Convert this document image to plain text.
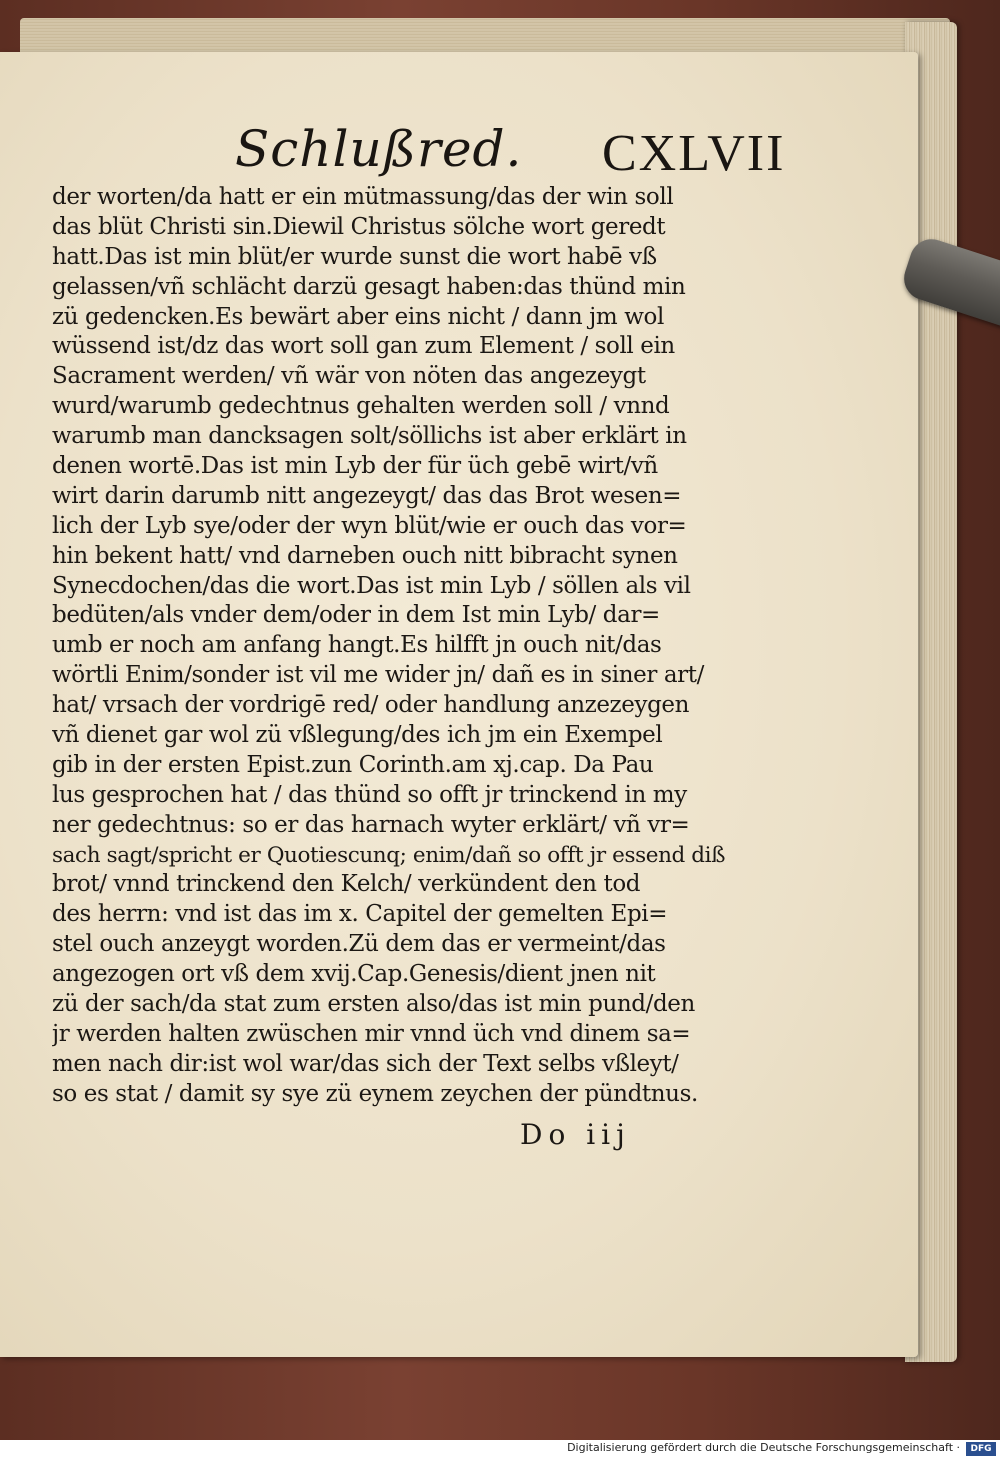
Schlußred. CXLVII
der worten/da hatt er ein mütmassung/das der win soll
das blüt Christi sin.Diewil Christus sölche wort geredt
hatt.Das ist min blüt/er wurde sunst die wort habē vß
gelassen/vñ schlächt darzü gesagt haben:das thünd min
zü gedencken.Es bewärt aber eins nicht / dann jm wol
wüssend ist/dz das wort soll gan zum Element / soll ein
Sacrament werden/ vñ wär von nöten das angezeygt
wurd/warumb gedechtnus gehalten werden soll / vnnd
warumb man dancksagen solt/söllichs ist aber erklärt in
denen wortē.Das ist min Lyb der für üch gebē wirt/vñ
wirt darin darumb nitt angezeygt/ das das Brot wesen=
lich der Lyb sye/oder der wyn blüt/wie er ouch das vor=
hin bekent hatt/ vnd darneben ouch nitt bibracht synen
Synecdochen/das die wort.Das ist min Lyb / söllen als vil
bedüten/als vnder dem/oder in dem Ist min Lyb/ dar=
umb er noch am anfang hangt.Es hilfft jn ouch nit/das
wörtli Enim/sonder ist vil me wider jn/ dañ es in siner art/
hat/ vrsach der vordrigē red/ oder handlung anzezeygen
vñ dienet gar wol zü vßlegung/des ich jm ein Exempel
gib in der ersten Epist.zun Corinth.am xj.cap. Da Pau
lus gesprochen hat / das thünd so offt jr trinckend in my
ner gedechtnus: so er das harnach wyter erklärt/ vñ vr=
sach sagt/spricht er Quotiescunq; enim/dañ so offt jr essend diß
brot/ vnnd trinckend den Kelch/ verkündent den tod
des herrn: vnd ist das im x. Capitel der gemelten Epi=
stel ouch anzeygt worden.Zü dem das er vermeint/das
angezogen ort vß dem xvij.Cap.Genesis/dient jnen nit
zü der sach/da stat zum ersten also/das ist min pund/den
jr werden halten zwüschen mir vnnd üch vnd dinem sa=
men nach dir:ist wol war/das sich der Text selbs vßleyt/
so es stat / damit sy sye zü eynem zeychen der pündtnus.
Do iij
Digitalisierung gefördert durch die Deutsche Forschungsgemeinschaft ·	DFG
